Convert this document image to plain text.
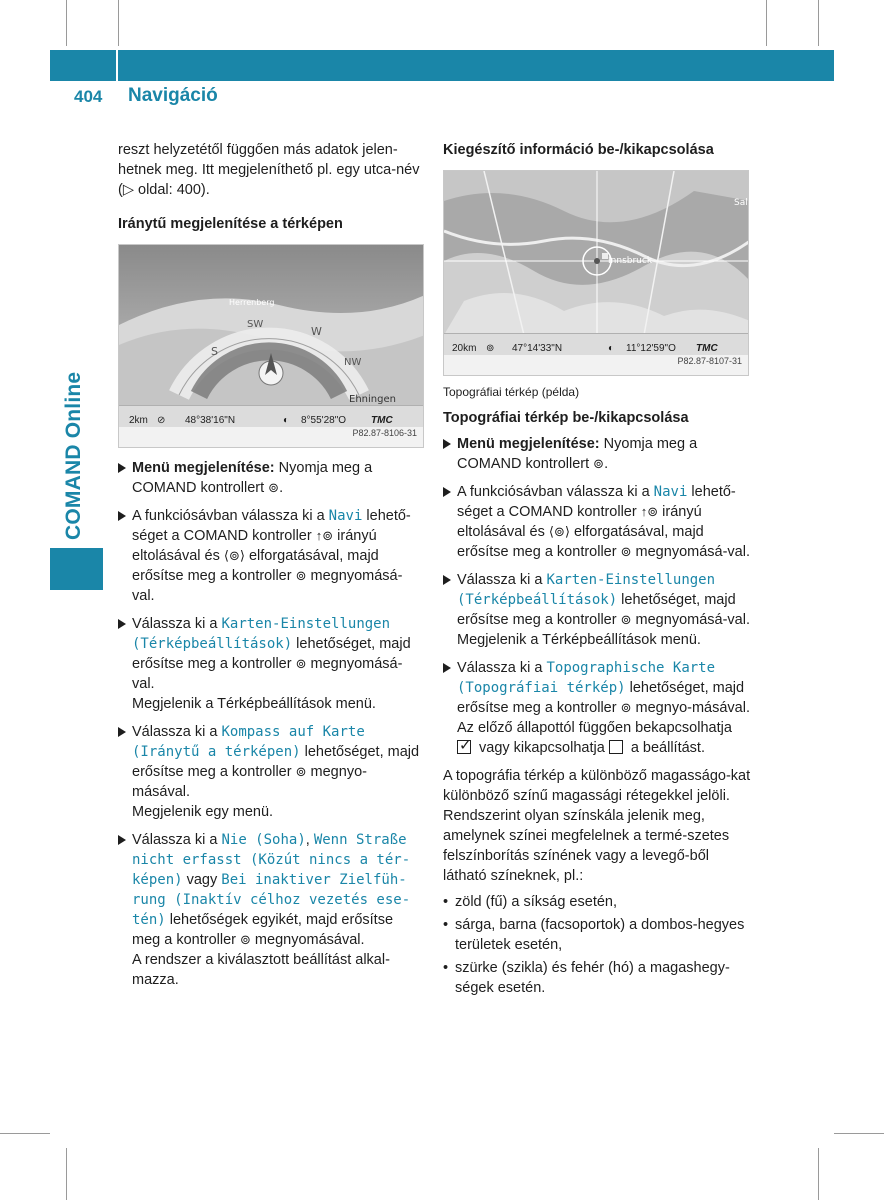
404	Navigáció
COMAND Online

reszt helyzetétől függően más adatok jelen-hetnek meg. Itt megjeleníthető pl. egy utca-név (▷ oldal: 400).

Iránytű megjelenítése a térképen

S
SW
W
NW
Herrenberg
Ehningen
2km ⊘ 48°38'16"N	◐ 8°55'28"O TMC
P82.87-8106-31
Menü megjelenítése: Nyomja meg a COMAND kontrollert ⊚.
A funkciósávban válassza ki a Navi lehető-séget a COMAND kontroller ↑⊚ irányú eltolásával és ⟨⊚⟩ elforgatásával, majd erősítse meg a kontroller ⊚ megnyomásá-val.
Válassza ki a Karten-Einstellungen (Térképbeállítások) lehetőséget, majd erősítse meg a kontroller ⊚ megnyomásá-val.

Megjelenik a Térképbeállítások menü.

Válassza ki a Kompass auf Karte (Iránytű a térképen) lehetőséget, majd erősítse meg a kontroller ⊚ megnyo-másával.

Megjelenik egy menü.

Válassza ki a Nie (Soha), Wenn Straße nicht erfasst (Közút nincs a tér-képen) vagy Bei inaktiver Zielfüh-rung (Inaktív célhoz vezetés ese-tén) lehetőségek egyikét, majd erősítse meg a kontroller ⊚ megnyomásával.

A rendszer a kiválasztott beállítást alkal-mazza.

Kiegészítő információ be-/kikapcsolása

Innsbruck
Sal
20km ⊚ 47°14'33"N	◐ 11°12'59"O TMC
P82.87-8107-31

Topográfiai térkép (példa)

Topográfiai térkép be-/kikapcsolása

Menü megjelenítése: Nyomja meg a COMAND kontrollert ⊚.
A funkciósávban válassza ki a Navi lehető-séget a COMAND kontroller ↑⊚ irányú eltolásával és ⟨⊚⟩ elforgatásával, majd erősítse meg a kontroller ⊚ megnyomásá-val.
Válassza ki a Karten-Einstellungen (Térképbeállítások) lehetőséget, majd erősítse meg a kontroller ⊚ megnyomásá-val.

Megjelenik a Térképbeállítások menü.

Válassza ki a Topographische Karte (Topográfiai térkép) lehetőséget, majd erősítse meg a kontroller ⊚ megnyo-másával.

Az előző állapottól függően bekapcsolhatja
✓ vagy kikapcsolhatja  a beállítást.

A topográfia térkép a különböző magasságo-kat különböző színű magassági rétegekkel jelöli. Rendszerint olyan színskála jelenik meg, amelynek színei megfelelnek a termé-szetes felszínborítás színének vagy a levegő-ből látható színeknek, pl.:

• zöld (fű) a síkság esetén,
• sárga, barna (facsoportok) a dombos-hegyes területek esetén,
• szürke (szikla) és fehér (hó) a magashegy-ségek esetén.
